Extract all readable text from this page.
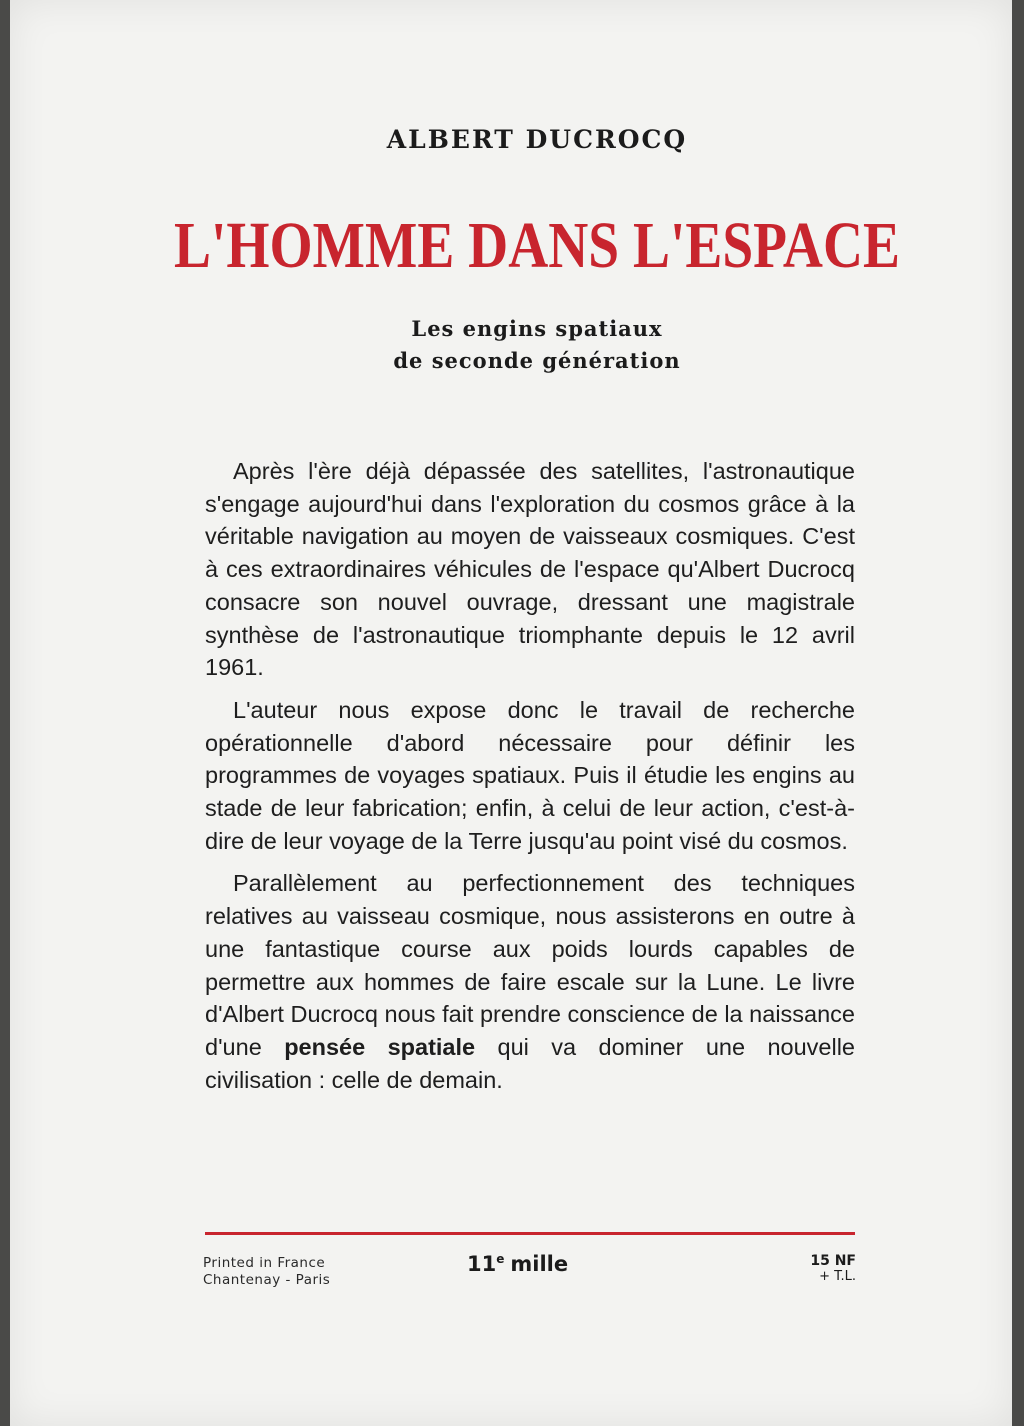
ALBERT DUCROCQ
L'HOMME DANS L'ESPACE
Les engins spatiaux
de seconde génération

Après l'ère déjà dépassée des satellites, l'astronautique s'engage aujourd'hui dans l'exploration du cosmos grâce à la véritable navigation au moyen de vaisseaux cosmiques. C'est à ces extraordinaires véhicules de l'espace qu'Albert Ducrocq consacre son nouvel ouvrage, dressant une magistrale synthèse de l'astronautique triomphante depuis le 12 avril 1961.

L'auteur nous expose donc le travail de recherche opérationnelle d'abord nécessaire pour définir les programmes de voyages spatiaux. Puis il étudie les engins au stade de leur fabrication; enfin, à celui de leur action, c'est-à-dire de leur voyage de la Terre jusqu'au point visé du cosmos.

Parallèlement au perfectionnement des techniques relatives au vaisseau cosmique, nous assisterons en outre à une fantastique course aux poids lourds capables de permettre aux hommes de faire escale sur la Lune. Le livre d'Albert Ducrocq nous fait prendre conscience de la naissance d'une pensée spatiale qui va dominer une nouvelle civilisation : celle de demain.

Printed in France
Chantenay - Paris
11e mille	15 NF
+ T.L.
